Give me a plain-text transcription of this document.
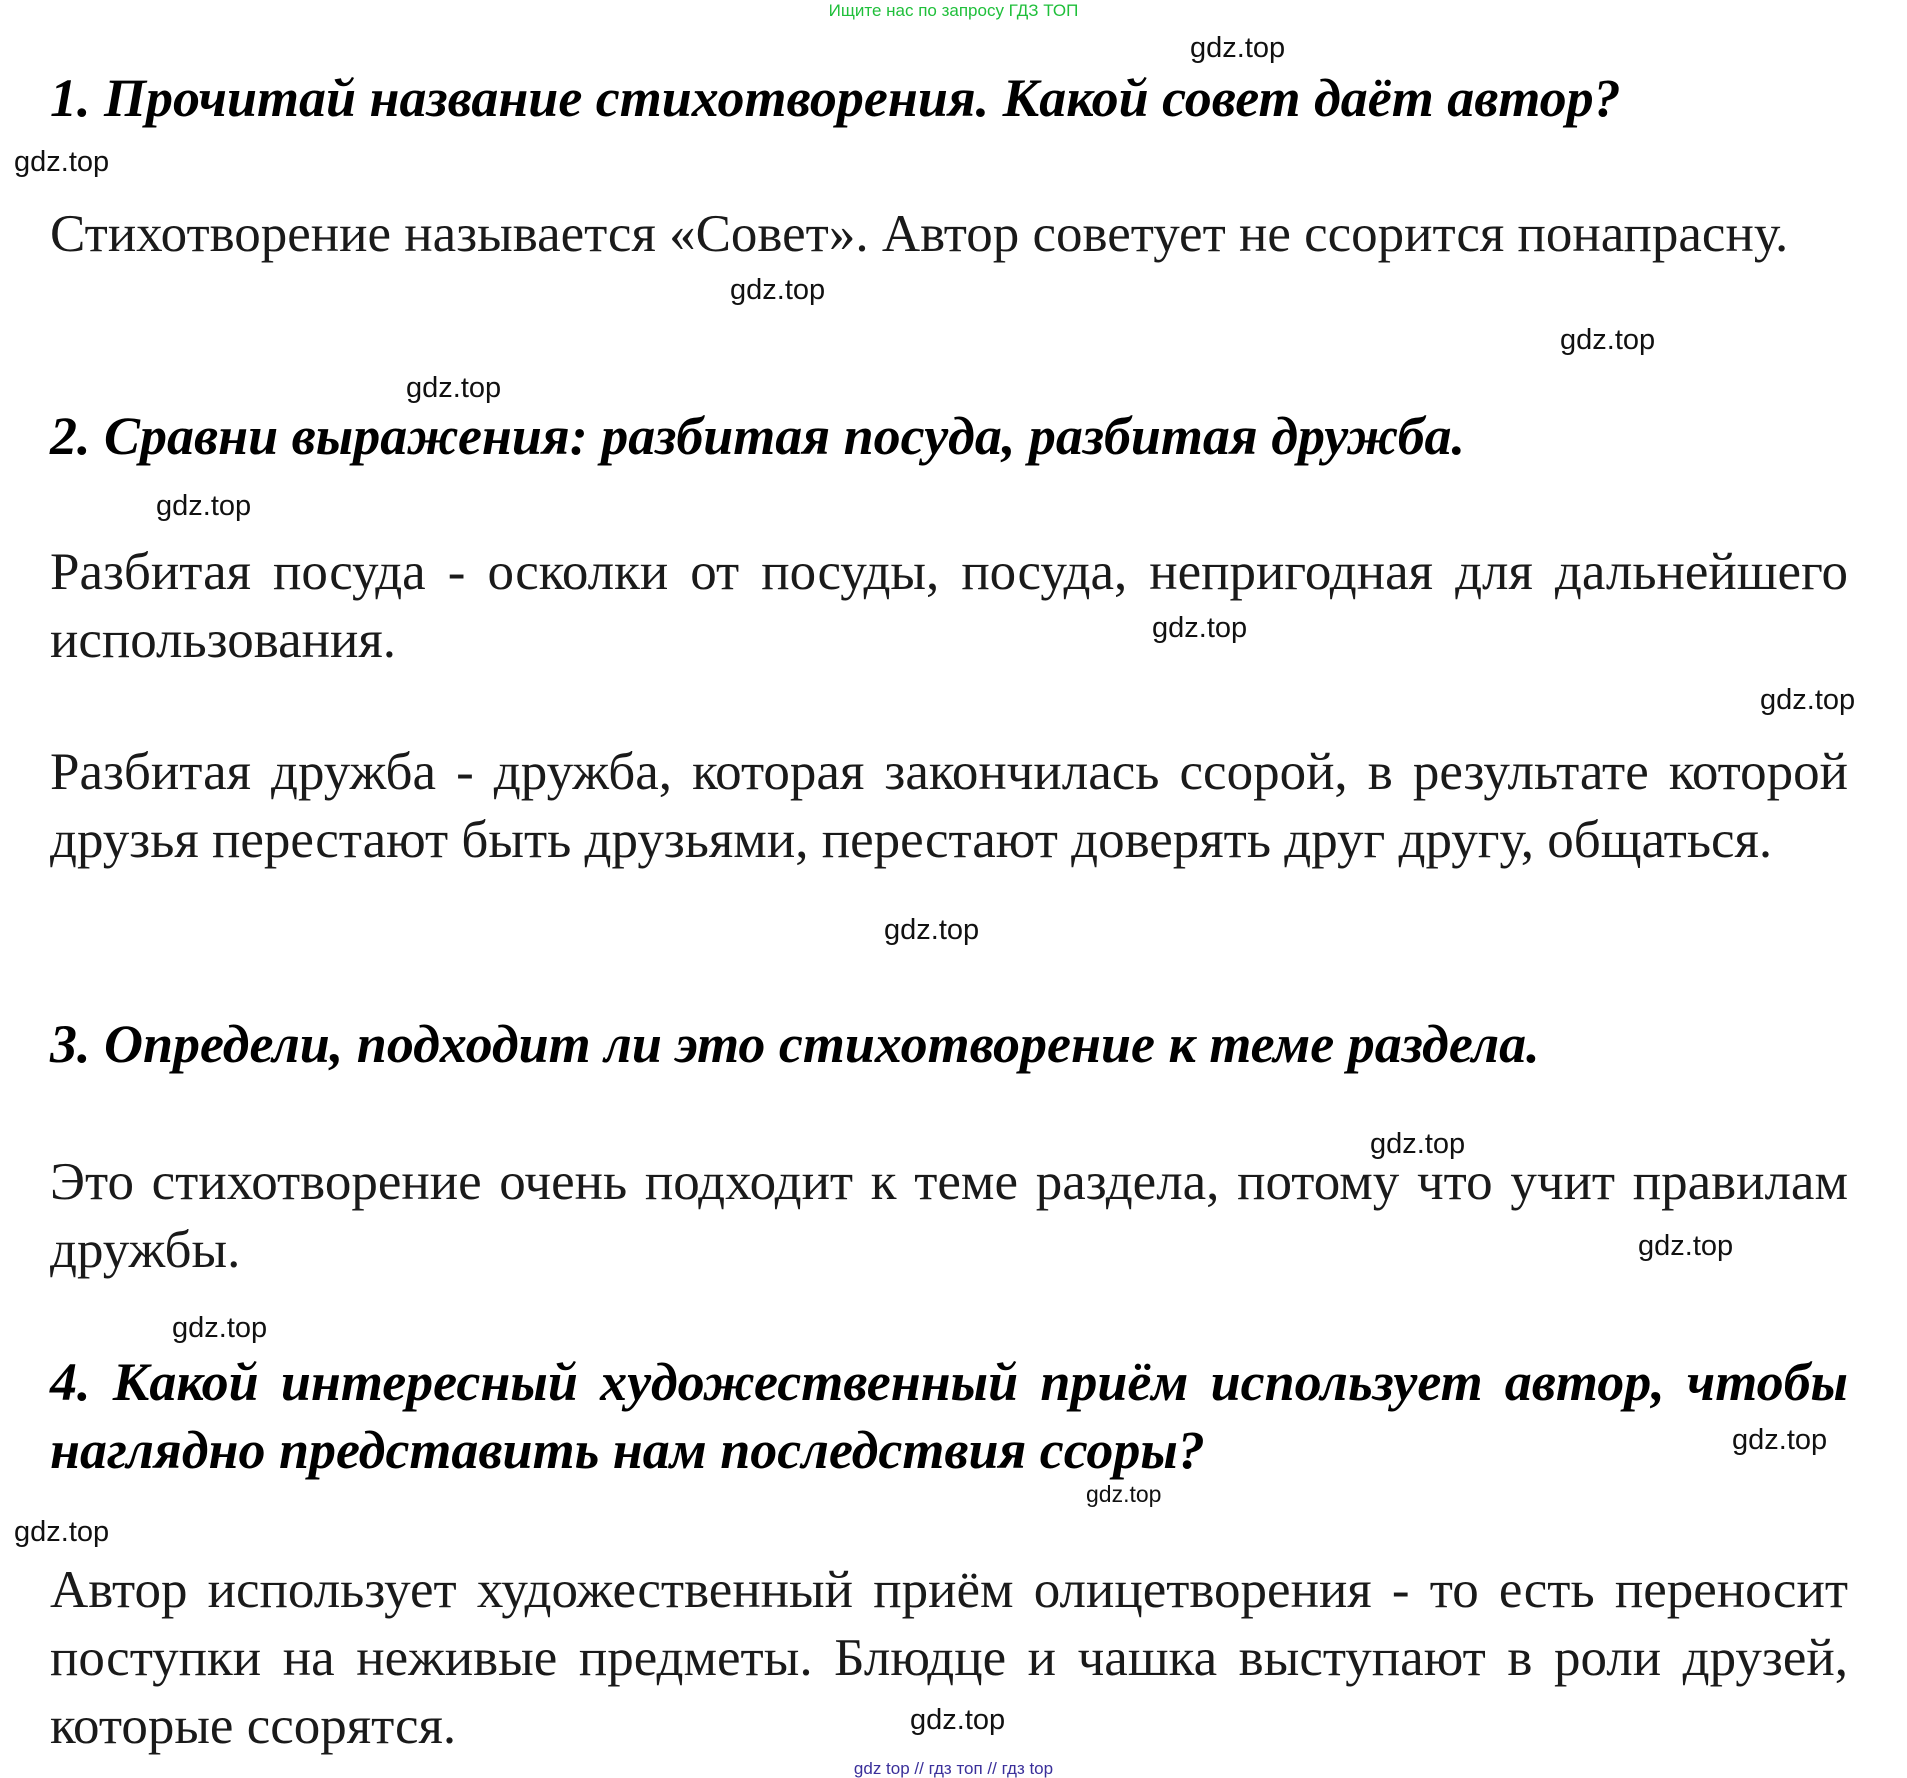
Ищите нас по запросу ГДЗ ТОП

1. Прочитай название стихотворения. Какой совет даёт автор?

Стихотворение называется «Совет». Автор советует не ссорится понапрасну.

2. Сравни выражения: разбитая посуда, разбитая дружба.

Разбитая посуда - осколки от посуды, посуда, непригодная для дальнейшего использования.

Разбитая дружба - дружба, которая закончилась ссорой, в результате которой друзья перестают быть друзьями, перестают доверять друг другу, общаться.

3. Определи, подходит ли это стихотворение к теме раздела.

Это стихотворение очень подходит к теме раздела, потому что учит правилам дружбы.

4. Какой интересный художественный приём использует автор, чтобы наглядно представить нам последствия ссоры?

Автор использует художественный приём олицетворения - то есть переносит поступки на неживые предметы. Блюдце и чашка выступают в роли друзей, которые ссорятся.

gdz.top
gdz.top
gdz.top
gdz.top
gdz.top
gdz.top
gdz.top
gdz.top
gdz.top
gdz.top
gdz.top
gdz.top
gdz.top
gdz.top
gdz.top
gdz.top
gdz top // гдз топ // гдз top
